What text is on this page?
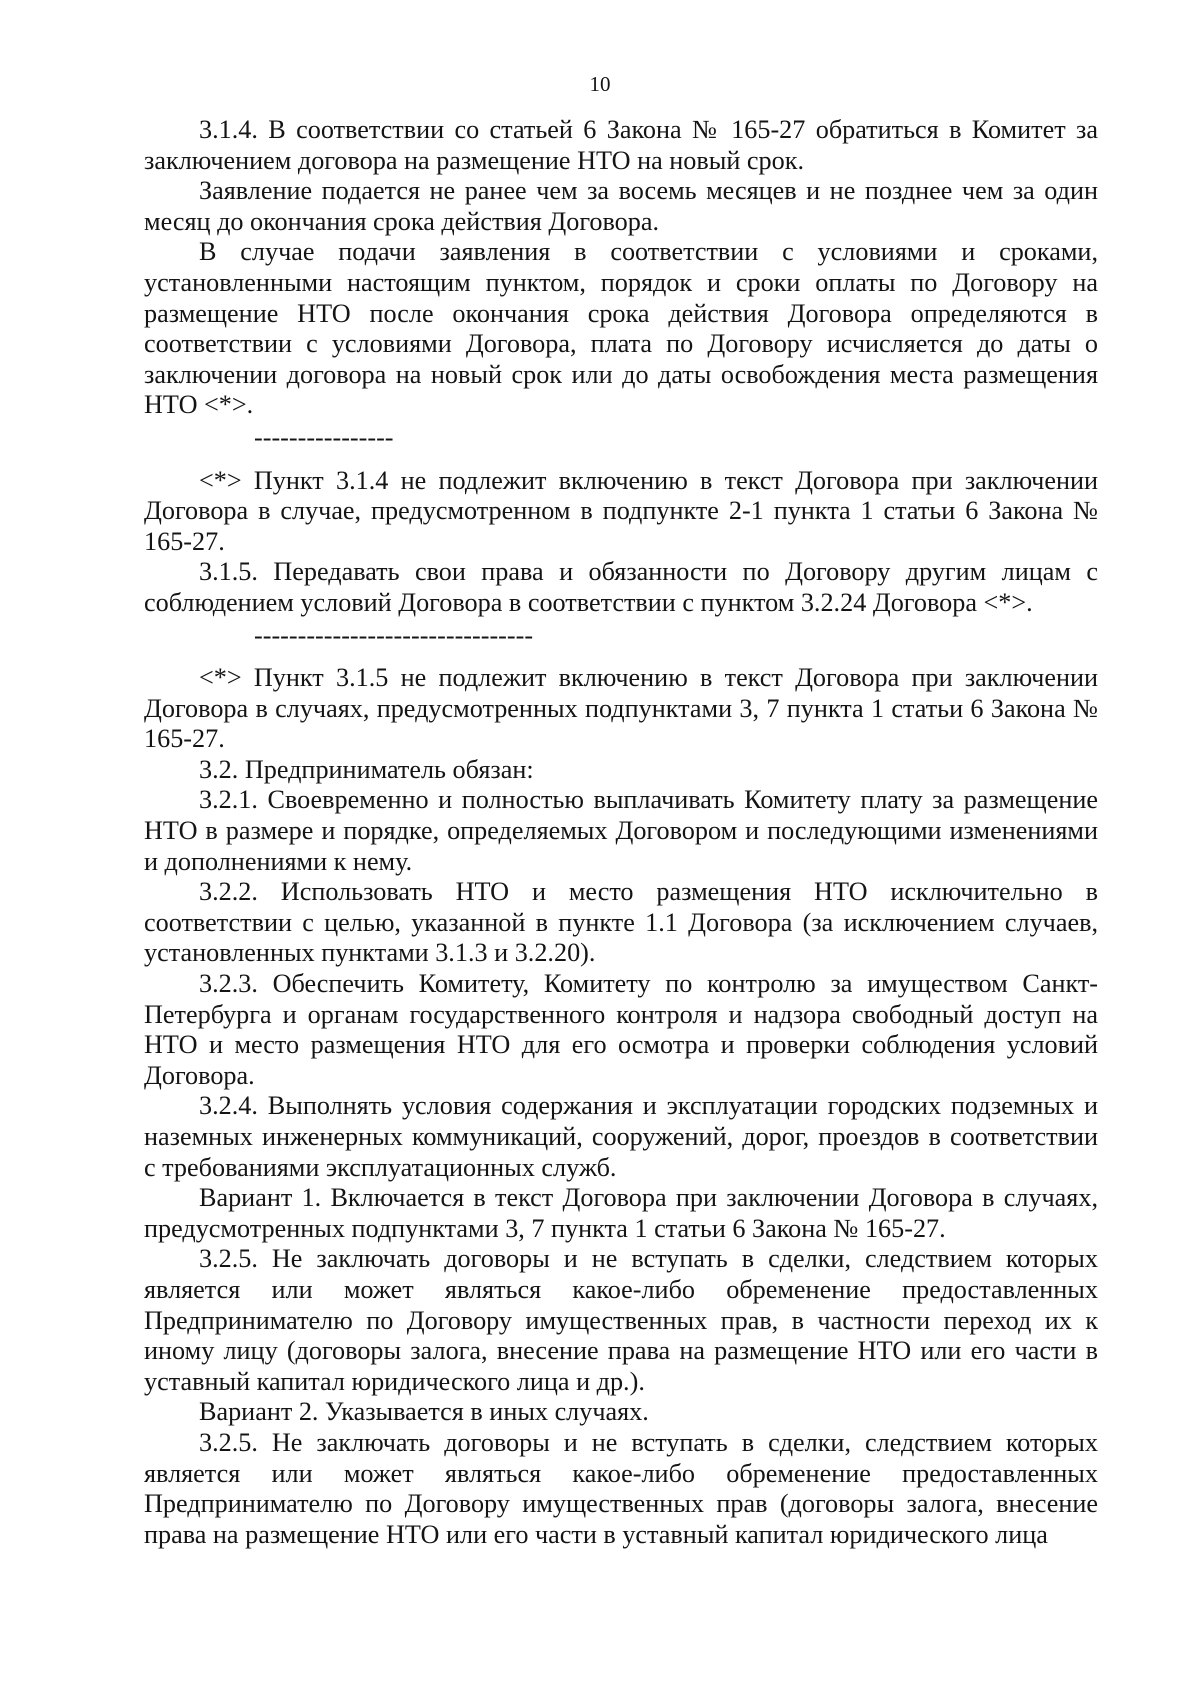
10

3.1.4. В соответствии со статьей 6 Закона № 165-27 обратиться в Комитет за заключением договора на размещение НТО на новый срок.

Заявление подается не ранее чем за восемь месяцев и не позднее чем за один месяц до окончания срока действия Договора.

В случае подачи заявления в соответствии с условиями и сроками, установленными настоящим пунктом, порядок и сроки оплаты по Договору на размещение НТО после окончания срока действия Договора определяются в соответствии с условиями Договора, плата по Договору исчисляется до даты о заключении договора на новый срок или до даты освобождения места размещения НТО <*>.

----------------

<*> Пункт 3.1.4 не подлежит включению в текст Договора при заключении Договора в случае, предусмотренном в подпункте 2-1 пункта 1 статьи 6 Закона № 165-27.

3.1.5. Передавать свои права и обязанности по Договору другим лицам с соблюдением условий Договора в соответствии с пунктом 3.2.24 Договора <*>.

--------------------------------

<*> Пункт 3.1.5 не подлежит включению в текст Договора при заключении Договора в случаях, предусмотренных подпунктами 3, 7 пункта 1 статьи 6 Закона № 165-27.

3.2. Предприниматель обязан:

3.2.1. Своевременно и полностью выплачивать Комитету плату за размещение НТО в размере и порядке, определяемых Договором и последующими изменениями и дополнениями к нему.

3.2.2. Использовать НТО и место размещения НТО исключительно в соответствии с целью, указанной в пункте 1.1 Договора (за исключением случаев, установленных пунктами 3.1.3 и 3.2.20).

3.2.3. Обеспечить Комитету, Комитету по контролю за имуществом Санкт-Петербурга и органам государственного контроля и надзора свободный доступ на НТО и место размещения НТО для его осмотра и проверки соблюдения условий Договора.

3.2.4. Выполнять условия содержания и эксплуатации городских подземных и наземных инженерных коммуникаций, сооружений, дорог, проездов в соответствии с требованиями эксплуатационных служб.

Вариант 1. Включается в текст Договора при заключении Договора в случаях, предусмотренных подпунктами 3, 7 пункта 1 статьи 6 Закона № 165-27.

3.2.5. Не заключать договоры и не вступать в сделки, следствием которых является или может являться какое-либо обременение предоставленных Предпринимателю по Договору имущественных прав, в частности переход их к иному лицу (договоры залога, внесение права на размещение НТО или его части в уставный капитал юридического лица и др.).

Вариант 2. Указывается в иных случаях.

3.2.5. Не заключать договоры и не вступать в сделки, следствием которых является или может являться какое-либо обременение предоставленных Предпринимателю по Договору имущественных прав (договоры залога, внесение права на размещение НТО или его части в уставный капитал юридического лица
